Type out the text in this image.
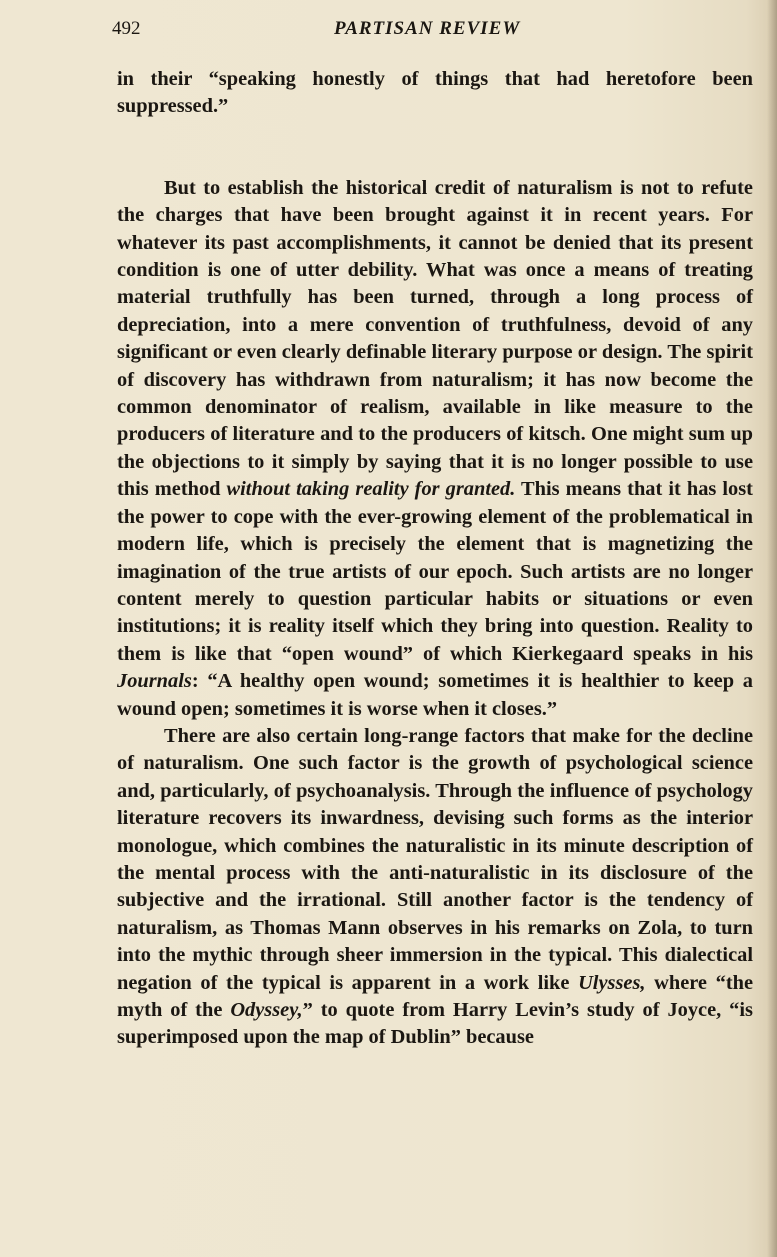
492	PARTISAN REVIEW

in their “speaking honestly of things that had heretofore been suppressed.”

But to establish the historical credit of naturalism is not to refute the charges that have been brought against it in recent years. For whatever its past accomplishments, it cannot be denied that its present condition is one of utter debility. What was once a means of treating material truthfully has been turned, through a long process of depreciation, into a mere convention of truthfulness, devoid of any significant or even clearly definable literary purpose or design. The spirit of discovery has withdrawn from naturalism; it has now become the common denominator of realism, available in like measure to the producers of literature and to the producers of kitsch. One might sum up the objections to it simply by saying that it is no longer possible to use this method without taking reality for granted. This means that it has lost the power to cope with the ever-growing element of the problematical in modern life, which is precisely the element that is magnetizing the imagination of the true artists of our epoch. Such artists are no longer content merely to question particular habits or situations or even institutions; it is reality itself which they bring into question. Reality to them is like that “open wound” of which Kierkegaard speaks in his Journals: “A healthy open wound; sometimes it is healthier to keep a wound open; sometimes it is worse when it closes.”

There are also certain long-range factors that make for the decline of naturalism. One such factor is the growth of psychological science and, particularly, of psychoanalysis. Through the influence of psychology literature recovers its inwardness, devising such forms as the interior monologue, which combines the naturalistic in its minute description of the mental process with the anti-naturalistic in its disclosure of the subjective and the irrational. Still another factor is the tendency of naturalism, as Thomas Mann observes in his remarks on Zola, to turn into the mythic through sheer immersion in the typical. This dialectical negation of the typical is apparent in a work like Ulysses, where “the myth of the Odyssey,” to quote from Harry Levin’s study of Joyce, “is superimposed upon the map of Dublin” because
